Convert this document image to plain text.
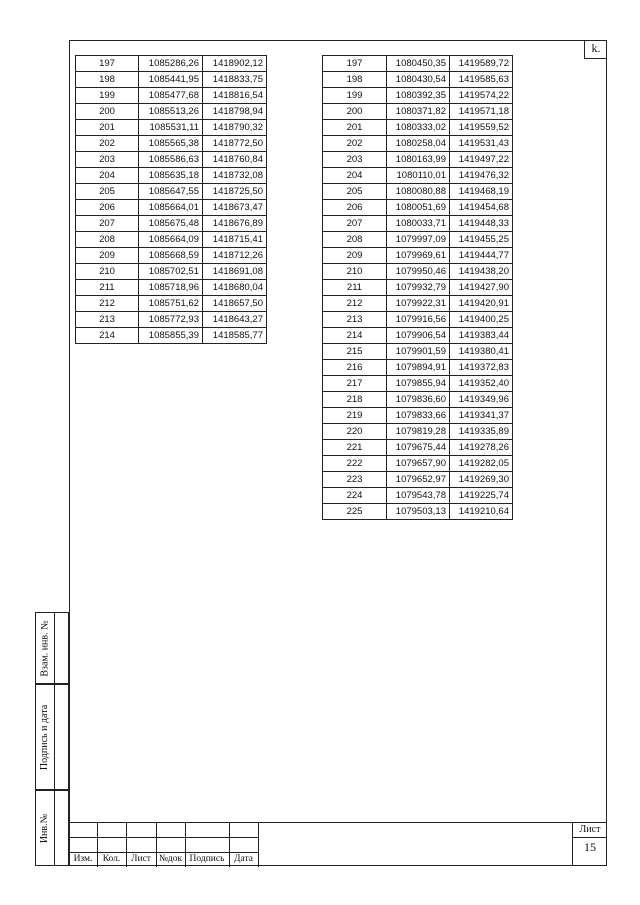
k.
197	1085286,26	1418902,12
198	1085441,95	1418833,75
199	1085477,68	1418816,54
200	1085513,26	1418798,94
201	1085531,11	1418790,32
202	1085565,38	1418772,50
203	1085586,63	1418760,84
204	1085635,18	1418732,08
205	1085647,55	1418725,50
206	1085664,01	1418673,47
207	1085675,48	1418676,89
208	1085664,09	1418715,41
209	1085668,59	1418712,26
210	1085702,51	1418691,08
211	1085718,96	1418680,04
212	1085751,62	1418657,50
213	1085772,93	1418643,27
214	1085855,39	1418585,77
197	1080450,35	1419589,72
198	1080430,54	1419585,63
199	1080392,35	1419574,22
200	1080371,82	1419571,18
201	1080333,02	1419559,52
202	1080258,04	1419531,43
203	1080163,99	1419497,22
204	1080110,01	1419476,32
205	1080080,88	1419468,19
206	1080051,69	1419454,68
207	1080033,71	1419448,33
208	1079997,09	1419455,25
209	1079969,61	1419444,77
210	1079950,46	1419438,20
211	1079932,79	1419427,90
212	1079922,31	1419420,91
213	1079916,56	1419400,25
214	1079906,54	1419383,44
215	1079901,59	1419380,41
216	1079894,91	1419372,83
217	1079855,94	1419352,40
218	1079836,60	1419349,96
219	1079833,66	1419341,37
220	1079819,28	1419335,89
221	1079675,44	1419278,26
222	1079657,90	1419282,05
223	1079652,97	1419269,30
224	1079543,78	1419225,74
225	1079503,13	1419210,64
Взам. инв. №
Подпись и дата
Инв.№
Изм.	Кол.	Лист №док Подпись	Дата
Лист
15
